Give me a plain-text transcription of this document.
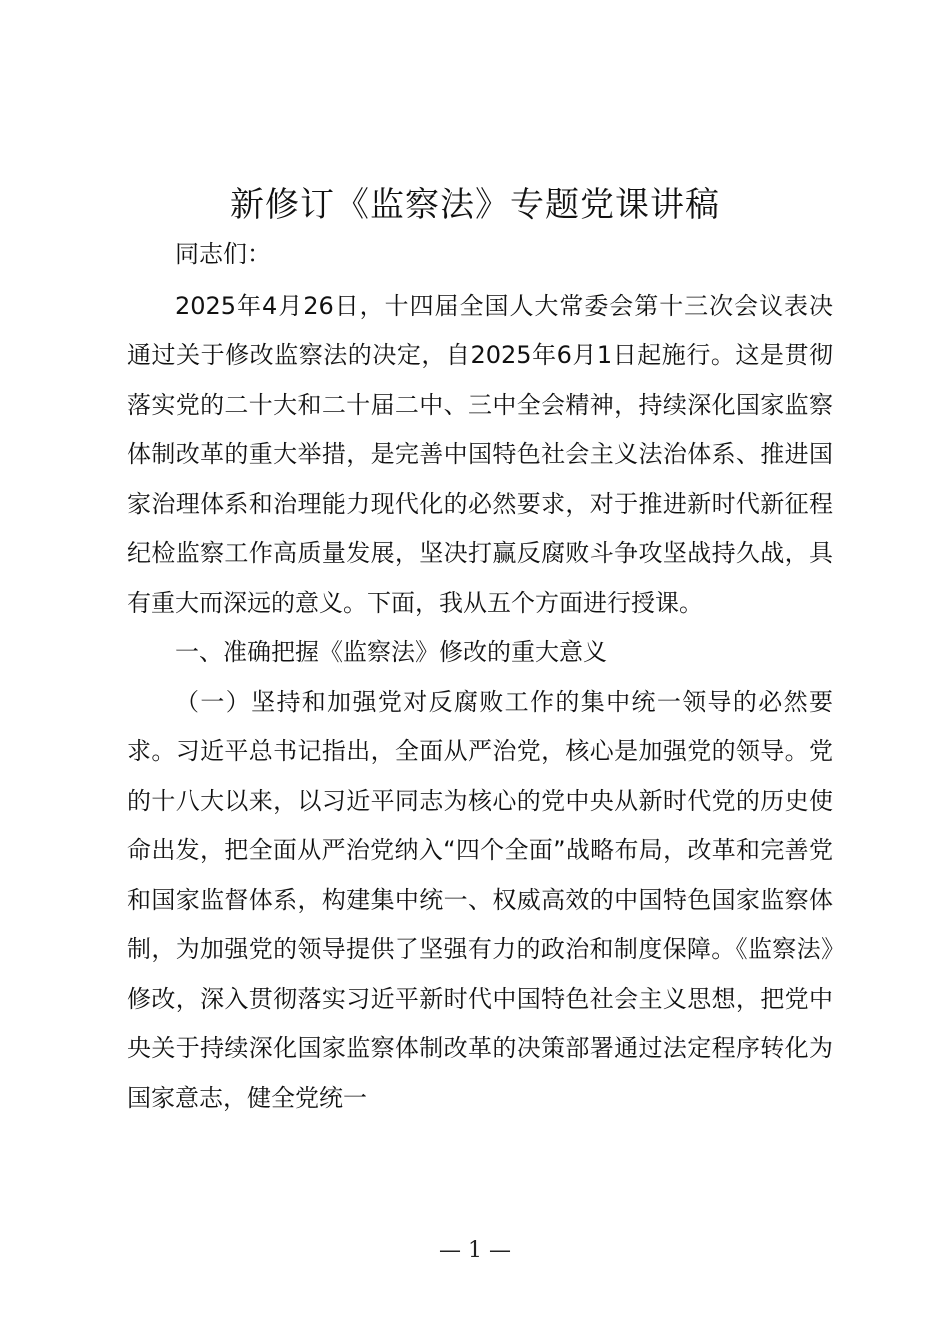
新修订《监察法》专题党课讲稿

同志们：

2025年4月26日，十四届全国人大常委会第十三次会议表决通过关于修改监察法的决定，自2025年6月1日起施行。这是贯彻落实党的二十大和二十届二中、三中全会精神，持续深化国家监察体制改革的重大举措，是完善中国特色社会主义法治体系、推进国家治理体系和治理能力现代化的必然要求，对于推进新时代新征程纪检监察工作高质量发展，坚决打赢反腐败斗争攻坚战持久战，具有重大而深远的意义。下面，我从五个方面进行授课。

一、准确把握《监察法》修改的重大意义

（一）坚持和加强党对反腐败工作的集中统一领导的必然要求。习近平总书记指出，全面从严治党，核心是加强党的领导。党的十八大以来，以习近平同志为核心的党中央从新时代党的历史使命出发，把全面从严治党纳入“四个全面”战略布局，改革和完善党和国家监督体系，构建集中统一、权威高效的中国特色国家监察体制，为加强党的领导提供了坚强有力的政治和制度保障。《监察法》修改，深入贯彻落实习近平新时代中国特色社会主义思想，把党中央关于持续深化国家监察体制改革的决策部署通过法定程序转化为国家意志，健全党统一

— 1 —
